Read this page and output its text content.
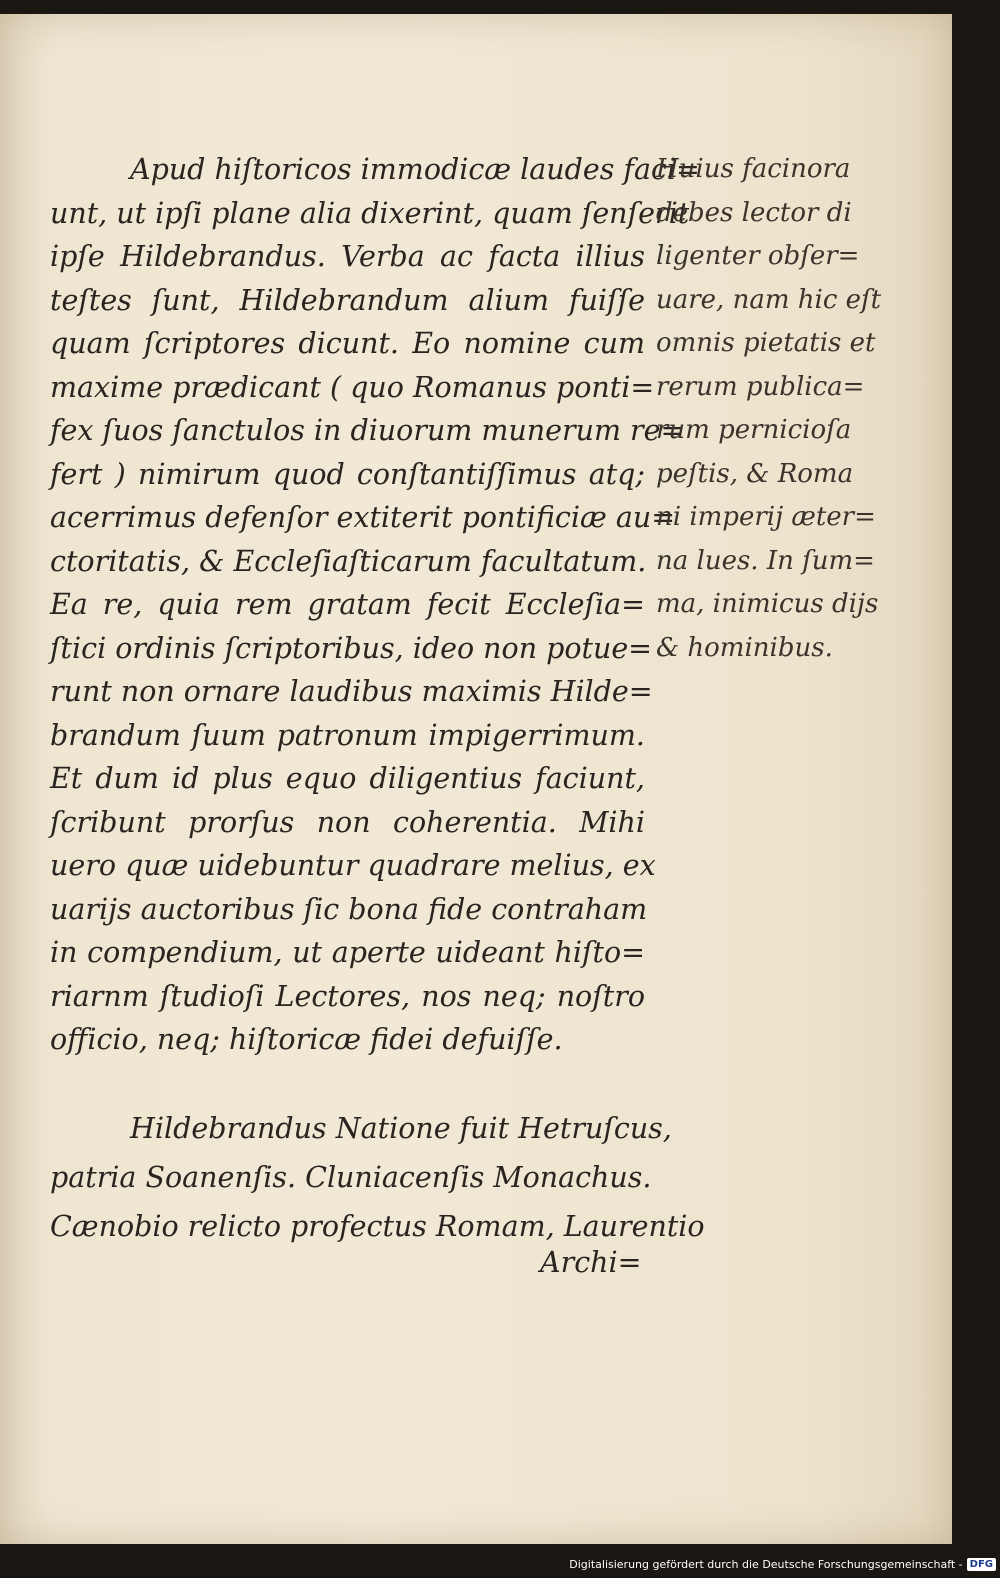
Apud hiſtoricos immodicæ laudes faci=
unt, ut ipſi plane alia dixerint, quam ſenſerit
ipſe Hildebrandus. Verba ac facta illius
teſtes ſunt, Hildebrandum alium fuiſſe
quam ſcriptores dicunt. Eo nomine cum
maxime prædicant ( quo Romanus ponti=
fex ſuos ſanctulos in diuorum munerum re=
fert ) nimirum quod conſtantiſſimus atq;
acerrimus defenſor extiterit pontificiæ au=
ctoritatis, & Eccleſiaſticarum facultatum.
Ea re, quia rem gratam fecit Eccleſia=
ſtici ordinis ſcriptoribus, ideo non potue=
runt non ornare laudibus maximis Hilde=
brandum ſuum patronum impigerrimum.
Et dum id plus equo diligentius faciunt,
ſcribunt prorſus non coherentia. Mihi
uero quæ uidebuntur quadrare melius, ex
uarijs auctoribus ſic bona fide contraham
in compendium, ut aperte uideant hiſto=
riarnm ſtudioſi Lectores, nos neq; noſtro
officio, neq; hiſtoricæ fidei defuiſſe.
Huius facinora
debes lector di
ligenter obſer=
uare, nam hic eſt
omnis pietatis et
rerum publica=
rum pernicioſa
peſtis, & Roma
ni imperij æter=
na lues. In ſum=
ma, inimicus dijs
& hominibus.
Hildebrandus Natione fuit Hetruſcus,
patria Soanenſis. Cluniacenſis Monachus.
Cænobio relicto profectus Romam, Laurentio
Archi=
Digitalisierung gefördert durch die Deutsche Forschungsgemeinschaft - DFG
